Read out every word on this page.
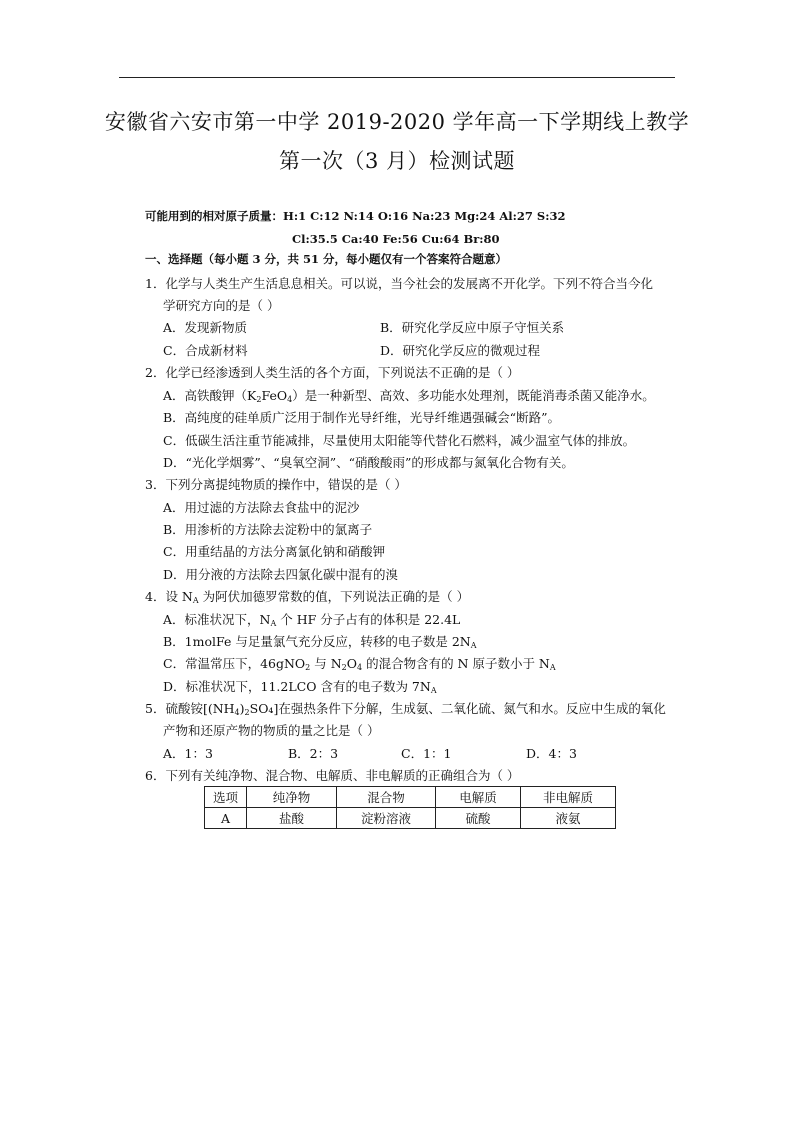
安徽省六安市第一中学 2019-2020 学年高一下学期线上教学
第一次（3 月）检测试题
可能用到的相对原子质量：H:1 C:12 N:14 O:16 Na:23 Mg:24 Al:27 S:32
Cl:35.5 Ca:40 Fe:56 Cu:64 Br:80
一、选择题（每小题 3 分，共 51 分，每小题仅有一个答案符合题意）
1．化学与人类生产生活息息相关。可以说，当今社会的发展离不开化学。下列不符合当今化
学研究方向的是（ ）
A．发现新物质	B．研究化学反应中原子守恒关系
C．合成新材料	D．研究化学反应的微观过程
2．化学已经渗透到人类生活的各个方面，下列说法不正确的是（ ）
A．高铁酸钾$(K_2FeO_4)$是一种新型、高效、多功能水处理剂，既能消毒杀菌又能净水。
B．高纯度的硅单质广泛用于制作光导纤维，光导纤维遇强碱会“断路”。
C．低碳生活注重节能减排，尽量使用太阳能等代替化石燃料，减少温室气体的排放。
D．“光化学烟雾”、“臭氧空洞”、“硝酸酸雨”的形成都与氮氧化合物有关。
3．下列分离提纯物质的操作中，错误的是（ ）
A．用过滤的方法除去食盐中的泥沙
B．用渗析的方法除去淀粉中的氯离子
C．用重结晶的方法分离氯化钠和硝酸钾
D．用分液的方法除去四氯化碳中混有的溴
4．设 $N_A$ 为阿伏加德罗常数的值，下列说法正确的是（ ）
A．标准状况下，$N_A$ 个 HF 分子占有的体积是 22.4L
B．1molFe 与足量氯气充分反应，转移的电子数是 $2N_A$
C．常温常压下，46gNO$_2$ 与 $N_2O_4$ 的混合物含有的 N 原子数小于 $N_A$
D．标准状况下，11.2LCO 含有的电子数为 $7N_A$
5．硫酸铵$[(NH_4)_2SO_4]$在强热条件下分解，生成氨、二氧化硫、氮气和水。反应中生成的氧化
产物和还原产物的物质的量之比是（ ）
A．1：3	B．2：3	C．1：1	D．4：3
6．下列有关纯净物、混合物、电解质、非电解质的正确组合为（ ）
选项	纯净物	混合物	电解质	非电解质
A	盐酸	淀粉溶液	硫酸	液氨
